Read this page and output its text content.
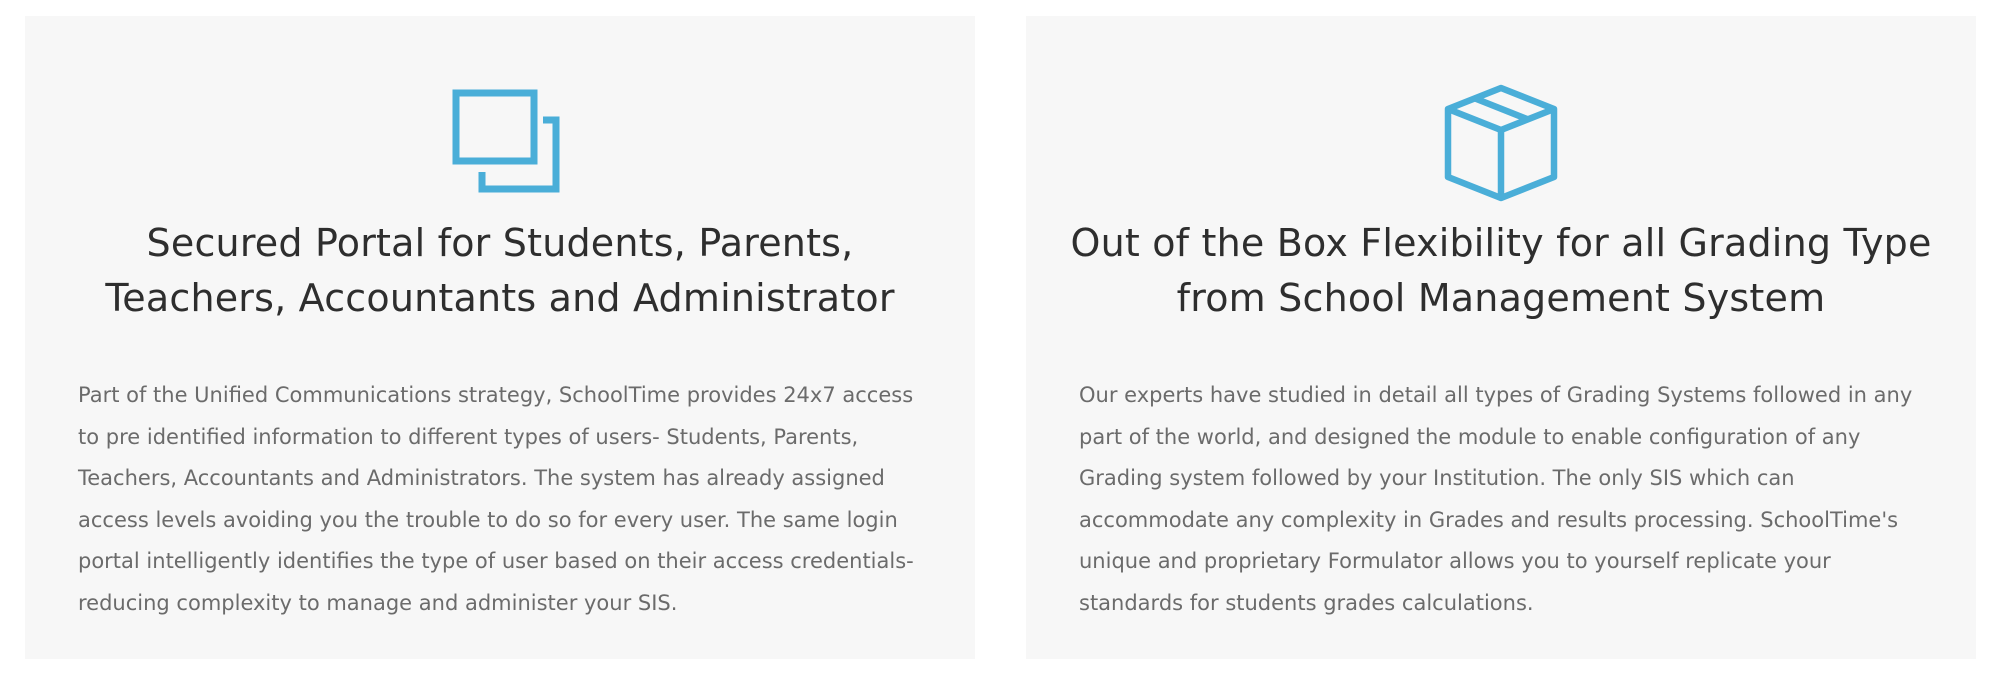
Secured Portal for Students, Parents, Teachers, Accountants and Administrator

Part of the Unified Communications strategy, SchoolTime provides 24x7 access to pre identified information to different types of users- Students, Parents, Teachers, Accountants and Administrators. The system has already assigned access levels avoiding you the trouble to do so for every user. The same login portal intelligently identifies the type of user based on their access credentials- reducing complexity to manage and administer your SIS.

Out of the Box Flexibility for all Grading Type from School Management System

Our experts have studied in detail all types of Grading Systems followed in any part of the world, and designed the module to enable configuration of any Grading system followed by your Institution. The only SIS which can accommodate any complexity in Grades and results processing. SchoolTime's unique and proprietary Formulator allows you to yourself replicate your standards for students grades calculations.
